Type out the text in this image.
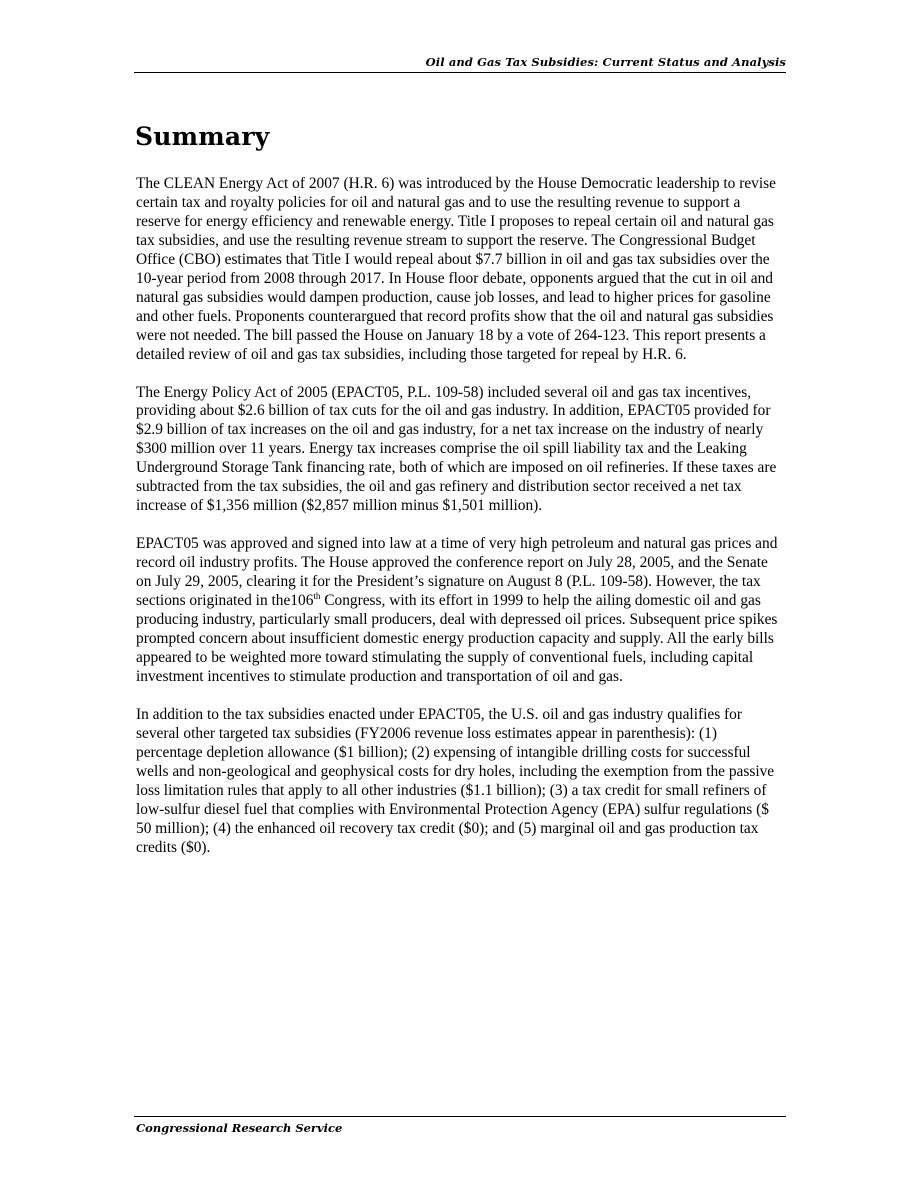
Oil and Gas Tax Subsidies: Current Status and Analysis
Summary

The CLEAN Energy Act of 2007 (H.R. 6) was introduced by the House Democratic leadership to revise certain tax and royalty policies for oil and natural gas and to use the resulting revenue to support a reserve for energy efficiency and renewable energy. Title I proposes to repeal certain oil and natural gas tax subsidies, and use the resulting revenue stream to support the reserve. The Congressional Budget Office (CBO) estimates that Title I would repeal about $7.7 billion in oil and gas tax subsidies over the 10-year period from 2008 through 2017. In House floor debate, opponents argued that the cut in oil and natural gas subsidies would dampen production, cause job losses, and lead to higher prices for gasoline and other fuels. Proponents counterargued that record profits show that the oil and natural gas subsidies were not needed. The bill passed the House on January 18 by a vote of 264-123. This report presents a detailed review of oil and gas tax subsidies, including those targeted for repeal by H.R. 6.

The Energy Policy Act of 2005 (EPACT05, P.L. 109-58) included several oil and gas tax incentives, providing about $2.6 billion of tax cuts for the oil and gas industry. In addition, EPACT05 provided for $2.9 billion of tax increases on the oil and gas industry, for a net tax increase on the industry of nearly $300 million over 11 years. Energy tax increases comprise the oil spill liability tax and the Leaking Underground Storage Tank financing rate, both of which are imposed on oil refineries. If these taxes are subtracted from the tax subsidies, the oil and gas refinery and distribution sector received a net tax increase of $1,356 million ($2,857 million minus $1,501 million).

EPACT05 was approved and signed into law at a time of very high petroleum and natural gas prices and record oil industry profits. The House approved the conference report on July 28, 2005, and the Senate on July 29, 2005, clearing it for the President’s signature on August 8 (P.L. 109-58). However, the tax sections originated in the106th Congress, with its effort in 1999 to help the ailing domestic oil and gas producing industry, particularly small producers, deal with depressed oil prices. Subsequent price spikes prompted concern about insufficient domestic energy production capacity and supply. All the early bills appeared to be weighted more toward stimulating the supply of conventional fuels, including capital investment incentives to stimulate production and transportation of oil and gas.

In addition to the tax subsidies enacted under EPACT05, the U.S. oil and gas industry qualifies for several other targeted tax subsidies (FY2006 revenue loss estimates appear in parenthesis): (1) percentage depletion allowance ($1 billion); (2) expensing of intangible drilling costs for successful wells and non-geological and geophysical costs for dry holes, including the exemption from the passive loss limitation rules that apply to all other industries ($1.1 billion); (3) a tax credit for small refiners of low-sulfur diesel fuel that complies with Environmental Protection Agency (EPA) sulfur regulations ($ 50 million); (4) the enhanced oil recovery tax credit ($0); and (5) marginal oil and gas production tax credits ($0).

Congressional Research Service
